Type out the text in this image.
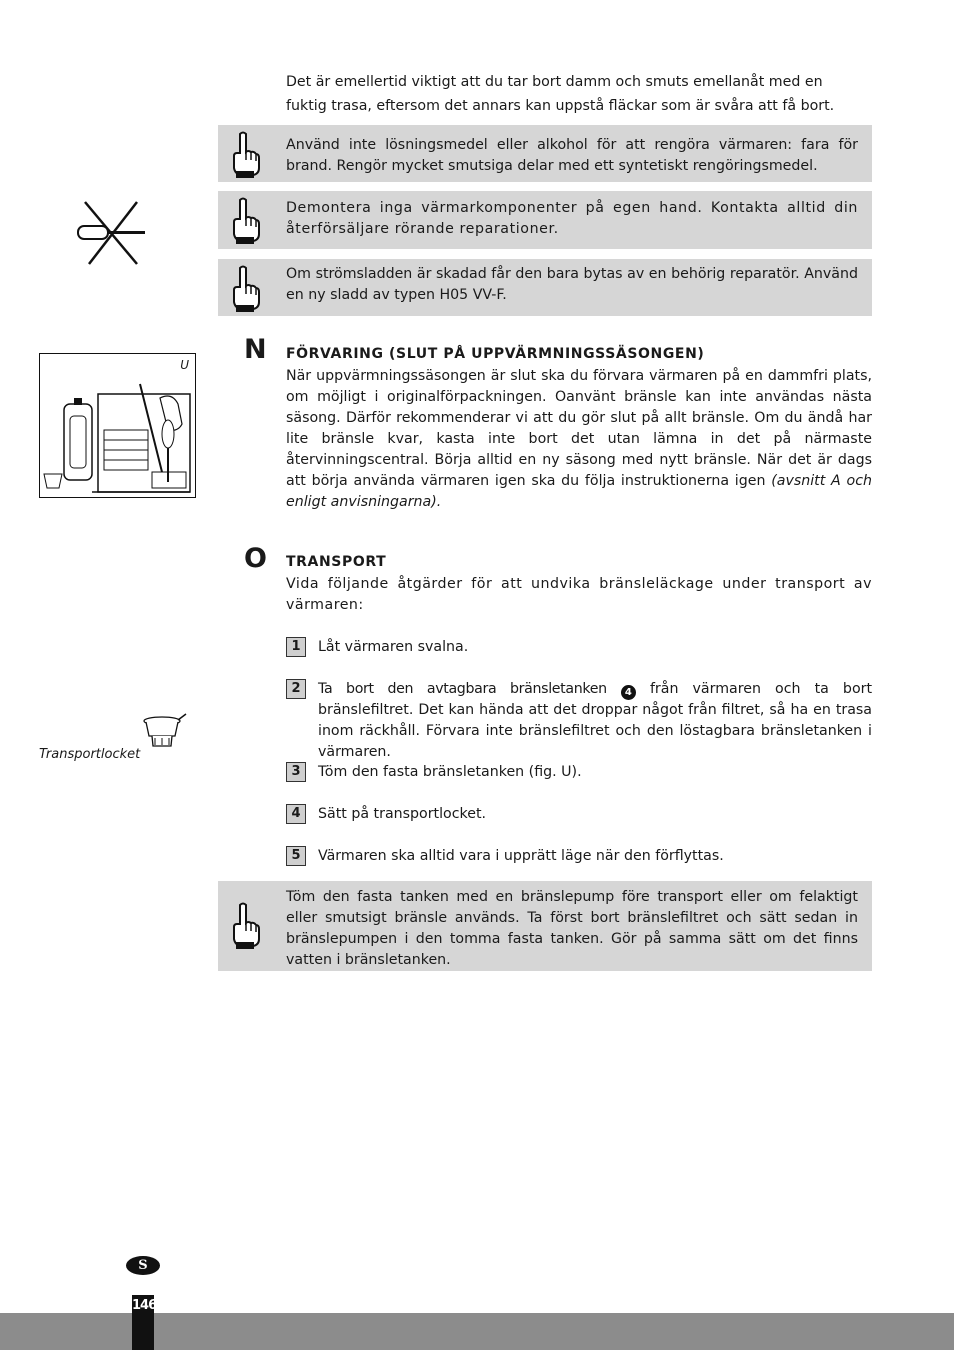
Det är emellertid viktigt att du tar bort damm och smuts emellanåt med en
fuktig trasa, eftersom det annars kan uppstå fläckar som är svåra att få bort.
Använd inte lösningsmedel eller alkohol för att rengöra värmaren: fara för brand. Rengör mycket smutsiga delar med ett syntetiskt rengöringsmedel.
Demontera inga värmarkomponenter på egen hand. Kontakta alltid din återförsäljare rörande reparationer.
Om strömsladden är skadad får den bara bytas av en behörig reparatör. Använd en ny sladd av typen H05 VV-F.
U N FÖRVARING (SLUT PÅ UPPVÄRMNINGSSÄSONGEN)
När uppvärmningssäsongen är slut ska du förvara värmaren på en dammfri plats, om möjligt i originalförpackningen. Oanvänt bränsle kan inte användas nästa säsong. Därför rekommenderar vi att du gör slut på allt bränsle. Om du ändå har lite bränsle kvar, kasta inte bort det utan lämna in det på närmaste återvinningscentral. Börja alltid en ny säsong med nytt bränsle. När det är dags att börja använda värmaren igen ska du följa instruktionerna igen (avsnitt A och enligt anvisningarna).
O TRANSPORT
Vida följande åtgärder för att undvika bränsleläckage under transport av värmaren:
1	Låt värmaren svalna.
2	Ta bort den avtagbara bränsletanken 4 från värmaren och ta bort bränslefiltret. Det kan hända att det droppar något från filtret, så ha en trasa inom räckhåll. Förvara inte bränslefiltret och den löstagbara bränsletanken i värmaren.
Transportlocket
3	Töm den fasta bränsletanken (fig. U).
4	Sätt på transportlocket.
5	Värmaren ska alltid vara i upprätt läge när den förflyttas.
Töm den fasta tanken med en bränslepump före transport eller om felaktigt eller smutsigt bränsle används. Ta först bort bränslefiltret och sätt sedan in bränslepumpen i den tomma fasta tanken. Gör på samma sätt om det finns vatten i bränsletanken.
S
146
